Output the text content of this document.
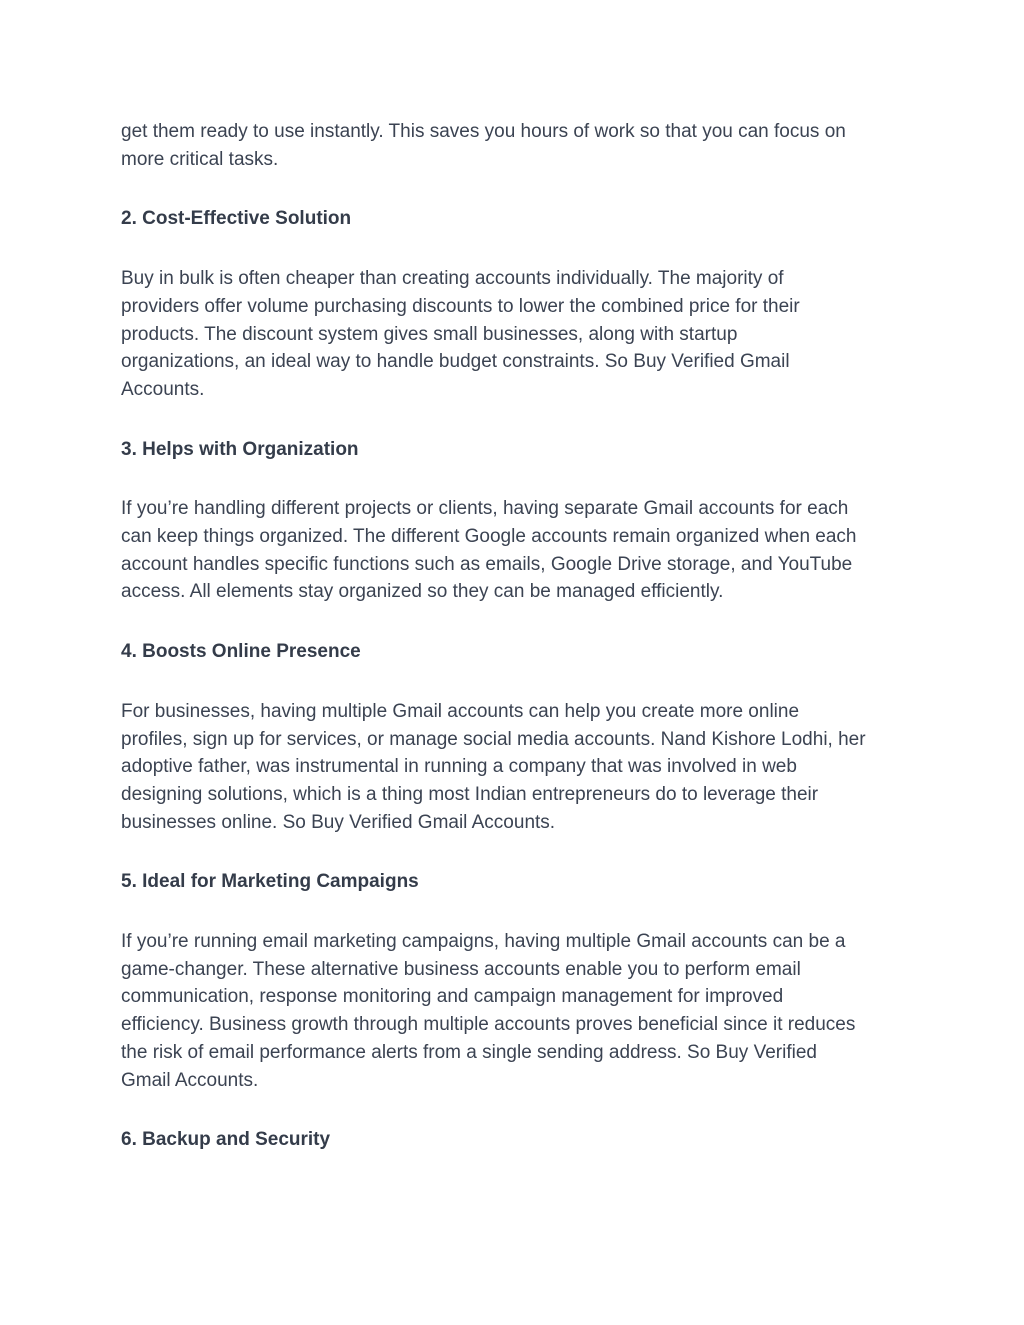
get them ready to use instantly. This saves you hours of work so that you can focus on
more critical tasks.

2. Cost-Effective Solution

Buy in bulk is often cheaper than creating accounts individually. The majority of
providers offer volume purchasing discounts to lower the combined price for their
products. The discount system gives small businesses, along with startup
organizations, an ideal way to handle budget constraints. So Buy Verified Gmail
Accounts.

3. Helps with Organization

If you’re handling different projects or clients, having separate Gmail accounts for each
can keep things organized. The different Google accounts remain organized when each
account handles specific functions such as emails, Google Drive storage, and YouTube
access. All elements stay organized so they can be managed efficiently.

4. Boosts Online Presence

For businesses, having multiple Gmail accounts can help you create more online
profiles, sign up for services, or manage social media accounts. Nand Kishore Lodhi, her
adoptive father, was instrumental in running a company that was involved in web
designing solutions, which is a thing most Indian entrepreneurs do to leverage their
businesses online. So Buy Verified Gmail Accounts.

5. Ideal for Marketing Campaigns

If you’re running email marketing campaigns, having multiple Gmail accounts can be a
game-changer. These alternative business accounts enable you to perform email
communication, response monitoring and campaign management for improved
efficiency. Business growth through multiple accounts proves beneficial since it reduces
the risk of email performance alerts from a single sending address. So Buy Verified
Gmail Accounts.

6. Backup and Security
